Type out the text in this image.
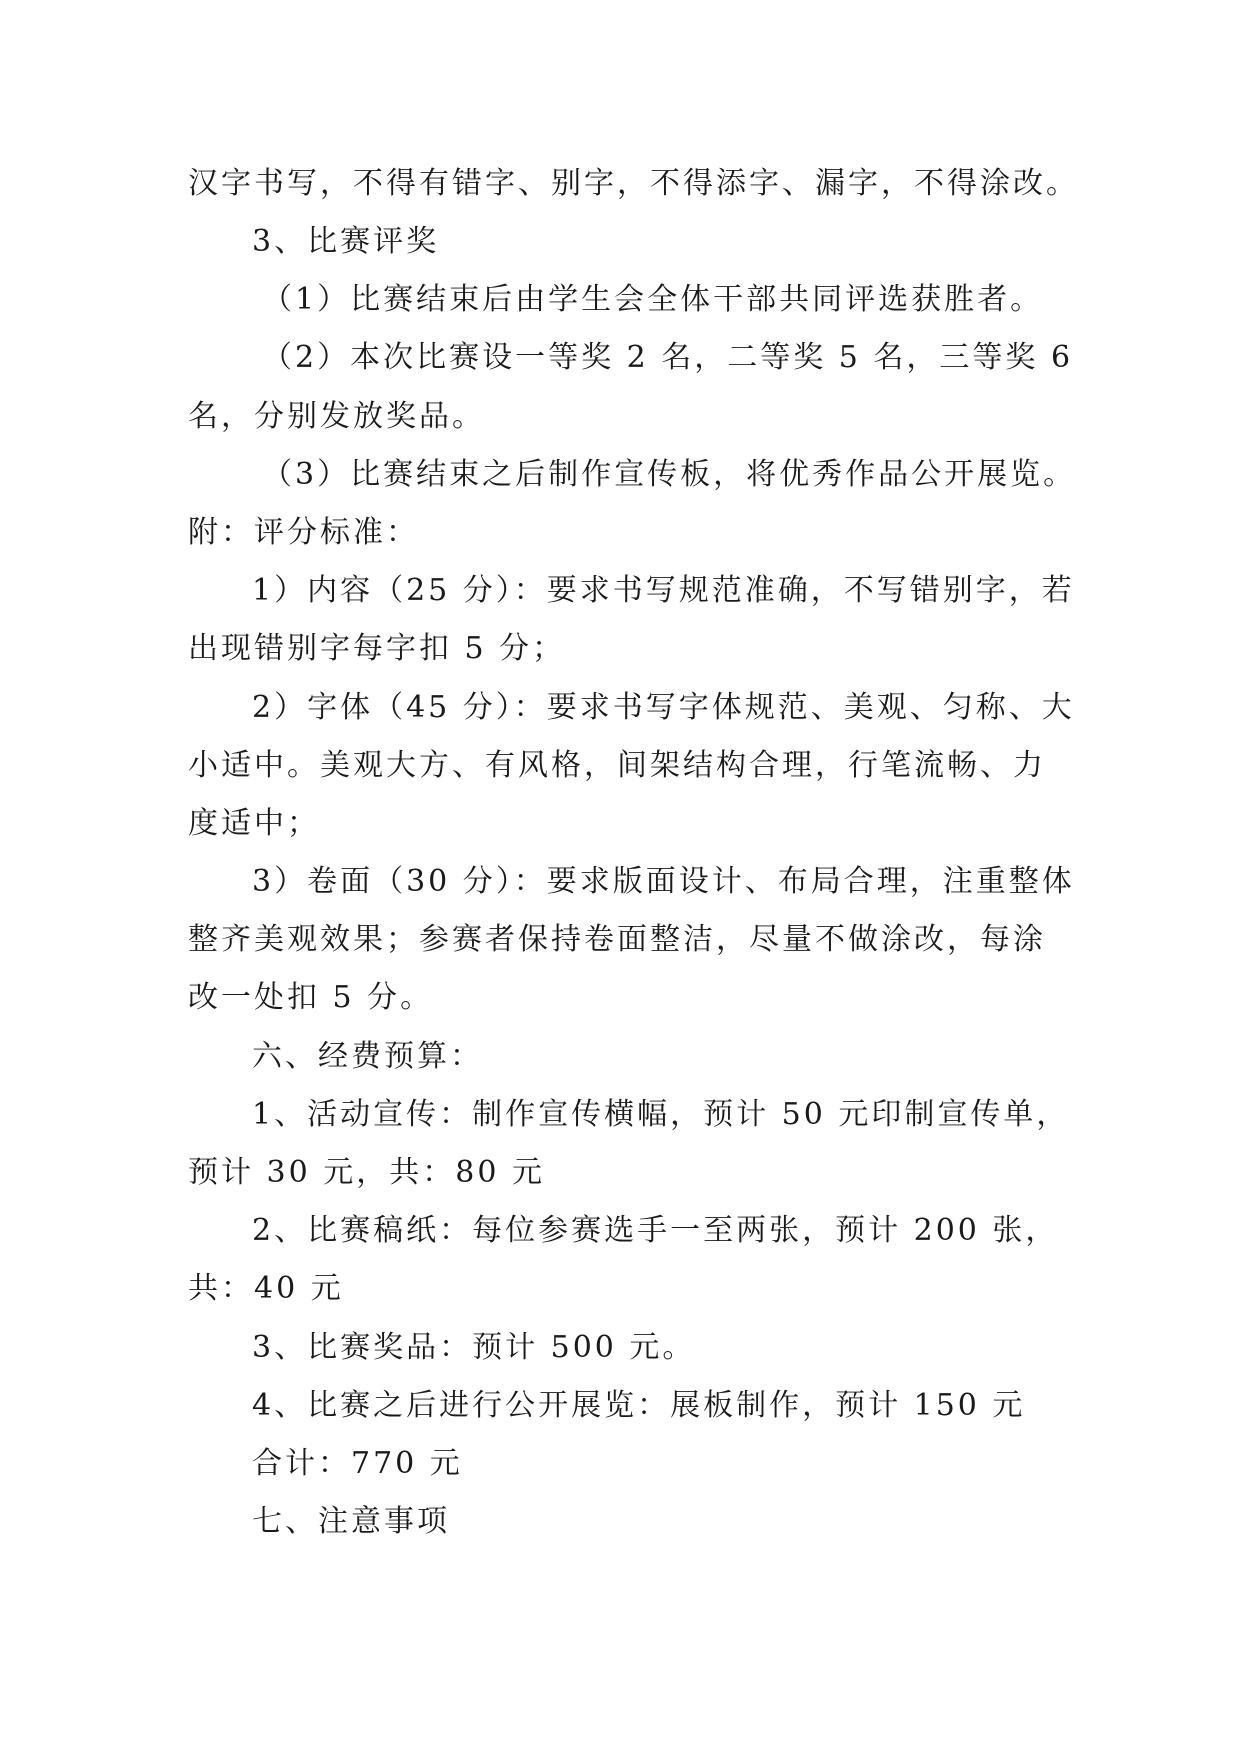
汉字书写，不得有错字、别字，不得添字、漏字，不得涂改。
3、比赛评奖
（1）比赛结束后由学生会全体干部共同评选获胜者。
（2）本次比赛设一等奖 2 名，二等奖 5 名，三等奖 6
名，分别发放奖品。
（3）比赛结束之后制作宣传板，将优秀作品公开展览。
附：评分标准：
1）内容（25 分）：要求书写规范准确，不写错别字，若
出现错别字每字扣 5 分；
2）字体（45 分）：要求书写字体规范、美观、匀称、大
小适中。美观大方、有风格，间架结构合理，行笔流畅、力
度适中；
3）卷面（30 分）：要求版面设计、布局合理，注重整体
整齐美观效果；参赛者保持卷面整洁，尽量不做涂改，每涂
改一处扣 5 分。
六、经费预算：
1、活动宣传：制作宣传横幅，预计 50 元印制宣传单，
预计 30 元，共：80 元
2、比赛稿纸：每位参赛选手一至两张，预计 200 张，
共：40 元
3、比赛奖品：预计 500 元。
4、比赛之后进行公开展览：展板制作，预计 150 元
合计：770 元
七、注意事项
